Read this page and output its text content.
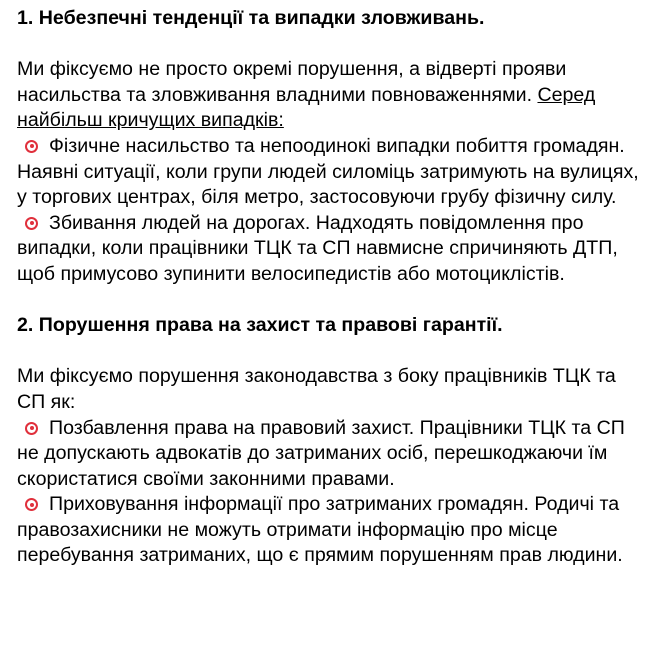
1. Небезпечні тенденції та випадки зловживань.

Ми фіксуємо не просто окремі порушення, а відверті прояви насильства та зловживання владними повноваженнями. Серед найбільш кричущих випадків:

Фізичне насильство та непоодинокі випадки побиття громадян. Наявні ситуації, коли групи людей силоміць затримують на вулицях, у торгових центрах, біля метро, застосовуючи грубу фізичну силу.

Збивання людей на дорогах. Надходять повідомлення про випадки, коли працівники ТЦК та СП навмисне спричиняють ДТП, щоб примусово зупинити велосипедистів або мотоциклістів.

2. Порушення права на захист та правові гарантії.

Ми фіксуємо порушення законодавства з боку працівників ТЦК та СП як:

Позбавлення права на правовий захист. Працівники ТЦК та СП не допускають адвокатів до затриманих осіб, перешкоджаючи їм скористатися своїми законними правами.

Приховування інформації про затриманих громадян. Родичі та правозахисники не можуть отримати інформацію про місце перебування затриманих, що є прямим порушенням прав людини.
